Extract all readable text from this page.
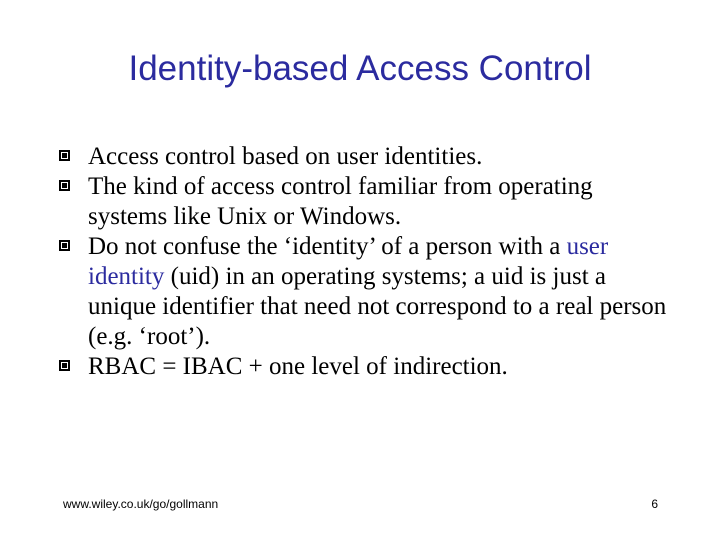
Identity-based Access Control
Access control based on user identities.
The kind of access control familiar from operating systems like Unix or Windows.
Do not confuse the ‘identity’ of a person with a user identity (uid) in an operating systems; a uid is just a unique identifier that need not correspond to a real person (e.g. ‘root’).
RBAC = IBAC + one level of indirection.
www.wiley.co.uk/go/gollmann	6
